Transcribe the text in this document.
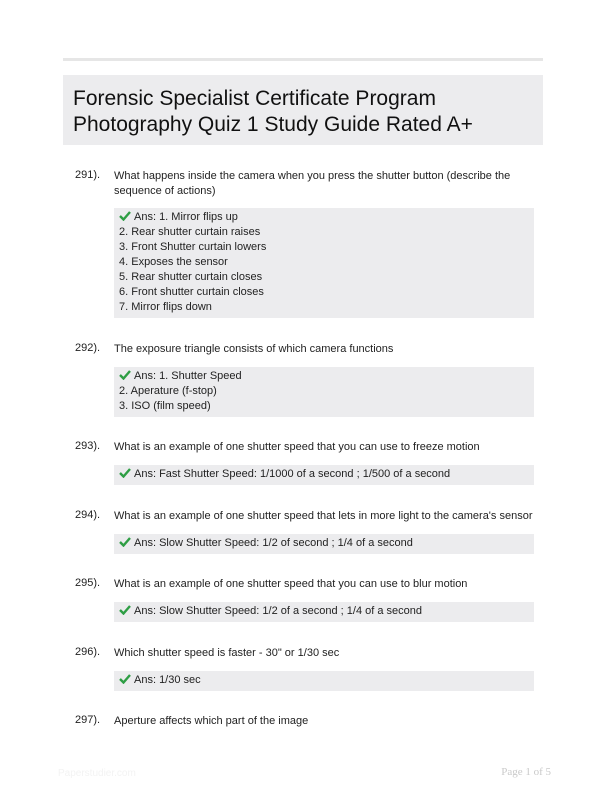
Forensic Specialist Certificate Program
Photography Quiz 1 Study Guide Rated A+
291). What happens inside the camera when you press the shutter button (describe the
sequence of actions)
Ans: 1. Mirror flips up
2. Rear shutter curtain raises
3. Front Shutter curtain lowers
4. Exposes the sensor
5. Rear shutter curtain closes
6. Front shutter curtain closes
7. Mirror flips down
292). The exposure triangle consists of which camera functions
Ans: 1. Shutter Speed
2. Aperature (f-stop)
3. ISO (film speed)
293). What is an example of one shutter speed that you can use to freeze motion
Ans: Fast Shutter Speed: 1/1000 of a second ; 1/500 of a second
294). What is an example of one shutter speed that lets in more light to the camera's sensor
Ans: Slow Shutter Speed: 1/2 of second ; 1/4 of a second
295). What is an example of one shutter speed that you can use to blur motion
Ans: Slow Shutter Speed: 1/2 of a second ; 1/4 of a second
296). Which shutter speed is faster - 30" or 1/30 sec
Ans: 1/30 sec
297). Aperture affects which part of the image
Paperstudier.com	Page 1 of 5
